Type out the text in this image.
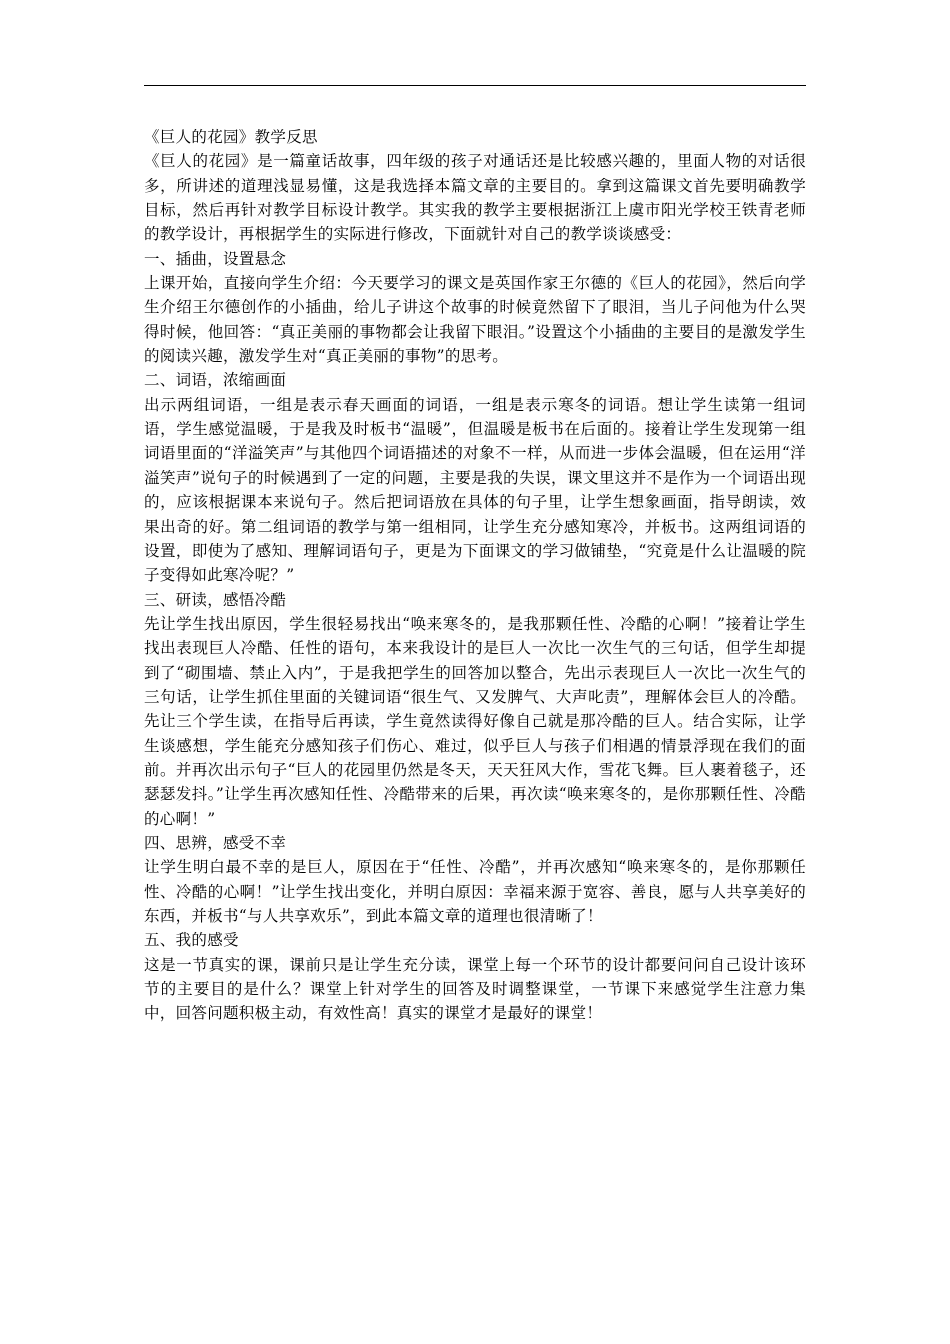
《巨人的花园》教学反思

《巨人的花园》是一篇童话故事，四年级的孩子对通话还是比较感兴趣的，里面人物的对话很多，所讲述的道理浅显易懂，这是我选择本篇文章的主要目的。拿到这篇课文首先要明确教学目标，然后再针对教学目标设计教学。其实我的教学主要根据浙江上虞市阳光学校王铁青老师的教学设计，再根据学生的实际进行修改，下面就针对自己的教学谈谈感受：

一、插曲，设置悬念

上课开始，直接向学生介绍：今天要学习的课文是英国作家王尔德的《巨人的花园》，然后向学生介绍王尔德创作的小插曲，给儿子讲这个故事的时候竟然留下了眼泪，当儿子问他为什么哭得时候，他回答：“真正美丽的事物都会让我留下眼泪。”设置这个小插曲的主要目的是激发学生的阅读兴趣，激发学生对“真正美丽的事物”的思考。

二、词语，浓缩画面

出示两组词语，一组是表示春天画面的词语，一组是表示寒冬的词语。想让学生读第一组词语，学生感觉温暖，于是我及时板书“温暖”，但温暖是板书在后面的。接着让学生发现第一组词语里面的“洋溢笑声”与其他四个词语描述的对象不一样，从而进一步体会温暖，但在运用“洋溢笑声”说句子的时候遇到了一定的问题，主要是我的失误，课文里这并不是作为一个词语出现的，应该根据课本来说句子。然后把词语放在具体的句子里，让学生想象画面，指导朗读，效果出奇的好。第二组词语的教学与第一组相同，让学生充分感知寒冷，并板书。这两组词语的设置，即使为了感知、理解词语句子，更是为下面课文的学习做铺垫，“究竟是什么让温暖的院子变得如此寒冷呢？”

三、研读，感悟冷酷

先让学生找出原因，学生很轻易找出“唤来寒冬的，是我那颗任性、冷酷的心啊！”接着让学生找出表现巨人冷酷、任性的语句，本来我设计的是巨人一次比一次生气的三句话，但学生却提到了“砌围墙、禁止入内”，于是我把学生的回答加以整合，先出示表现巨人一次比一次生气的三句话，让学生抓住里面的关键词语“很生气、又发脾气、大声叱责”，理解体会巨人的冷酷。先让三个学生读，在指导后再读，学生竟然读得好像自己就是那冷酷的巨人。结合实际，让学生谈感想，学生能充分感知孩子们伤心、难过，似乎巨人与孩子们相遇的情景浮现在我们的面前。并再次出示句子“巨人的花园里仍然是冬天，天天狂风大作，雪花飞舞。巨人裹着毯子，还瑟瑟发抖。”让学生再次感知任性、冷酷带来的后果，再次读“唤来寒冬的，是你那颗任性、冷酷的心啊！”

四、思辨，感受不幸

让学生明白最不幸的是巨人，原因在于“任性、冷酷”，并再次感知“唤来寒冬的，是你那颗任性、冷酷的心啊！”让学生找出变化，并明白原因：幸福来源于宽容、善良，愿与人共享美好的东西，并板书“与人共享欢乐”，到此本篇文章的道理也很清晰了！

五、我的感受

这是一节真实的课，课前只是让学生充分读，课堂上每一个环节的设计都要问问自己设计该环节的主要目的是什么？课堂上针对学生的回答及时调整课堂，一节课下来感觉学生注意力集中，回答问题积极主动，有效性高！真实的课堂才是最好的课堂！
